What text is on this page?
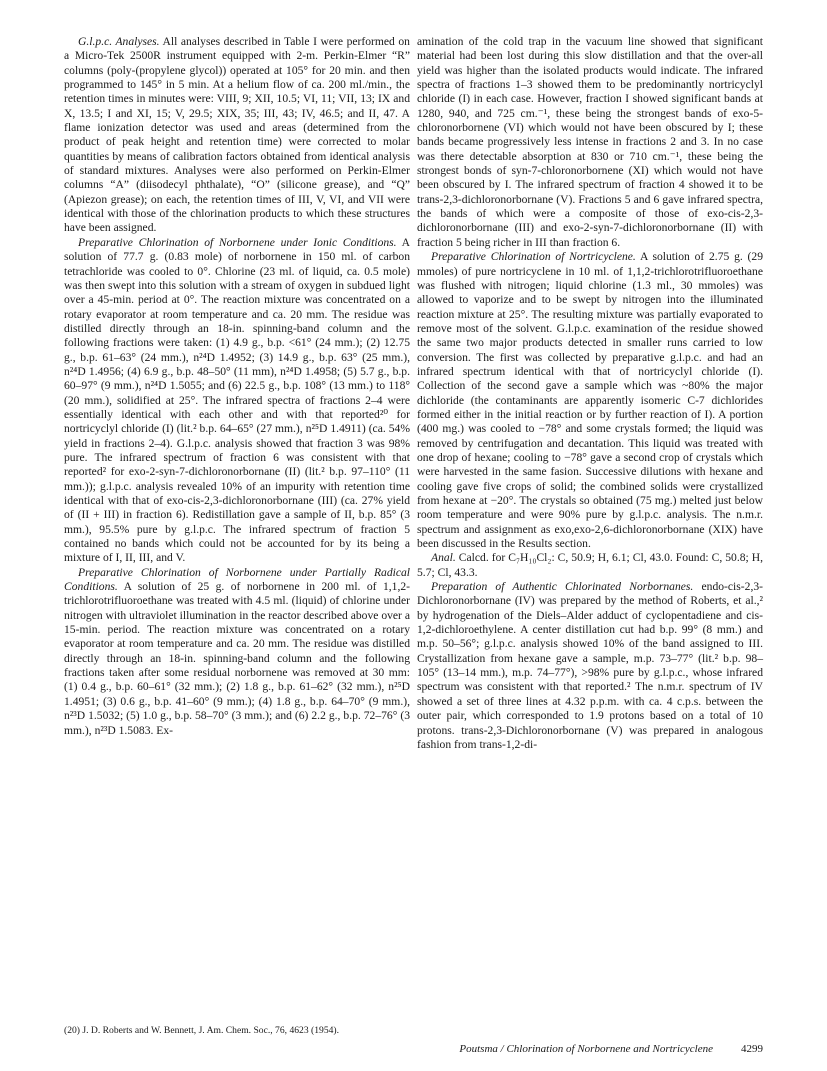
G.l.p.c. Analyses. All analyses described in Table I were performed on a Micro-Tek 2500R instrument equipped with 2-m. Perkin-Elmer “R” columns (poly-(propylene glycol)) operated at 105° for 20 min. and then programmed to 145° in 5 min. At a helium flow of ca. 200 ml./min., the retention times in minutes were: VIII, 9; XII, 10.5; VI, 11; VII, 13; IX and X, 13.5; I and XI, 15; V, 29.5; XIX, 35; III, 43; IV, 46.5; and II, 47. A flame ionization detector was used and areas (determined from the product of peak height and retention time) were corrected to molar quantities by means of calibration factors obtained from identical analysis of standard mixtures. Analyses were also performed on Perkin-Elmer columns “A” (diisodecyl phthalate), “O” (silicone grease), and “Q” (Apiezon grease); on each, the retention times of III, V, VI, and VII were identical with those of the chlorination products to which these structures have been assigned.

Preparative Chlorination of Norbornene under Ionic Conditions. A solution of 77.7 g. (0.83 mole) of norbornene in 150 ml. of carbon tetrachloride was cooled to 0°. Chlorine (23 ml. of liquid, ca. 0.5 mole) was then swept into this solution with a stream of oxygen in subdued light over a 45-min. period at 0°. The reaction mixture was concentrated on a rotary evaporator at room temperature and ca. 20 mm. The residue was distilled directly through an 18-in. spinning-band column and the following fractions were taken: (1) 4.9 g., b.p. <61° (24 mm.); (2) 12.75 g., b.p. 61–63° (24 mm.), n²⁴D 1.4952; (3) 14.9 g., b.p. 63° (25 mm.), n²⁴D 1.4956; (4) 6.9 g., b.p. 48–50° (11 mm), n²⁴D 1.4958; (5) 5.7 g., b.p. 60–97° (9 mm.), n²⁴D 1.5055; and (6) 22.5 g., b.p. 108° (13 mm.) to 118° (20 mm.), solidified at 25°. The infrared spectra of fractions 2–4 were essentially identical with each other and with that reported²⁰ for nortricyclyl chloride (I) (lit.² b.p. 64–65° (27 mm.), n²⁵D 1.4911) (ca. 54% yield in fractions 2–4). G.l.p.c. analysis showed that fraction 3 was 98% pure. The infrared spectrum of fraction 6 was consistent with that reported² for exo-2-syn-7-dichloronorbornane (II) (lit.² b.p. 97–110° (11 mm.)); g.l.p.c. analysis revealed 10% of an impurity with retention time identical with that of exo-cis-2,3-dichloronorbornane (III) (ca. 27% yield of (II + III) in fraction 6). Redistillation gave a sample of II, b.p. 85° (3 mm.), 95.5% pure by g.l.p.c. The infrared spectrum of fraction 5 contained no bands which could not be accounted for by its being a mixture of I, II, III, and V.

Preparative Chlorination of Norbornene under Partially Radical Conditions. A solution of 25 g. of norbornene in 200 ml. of 1,1,2-trichlorotrifluoroethane was treated with 4.5 ml. (liquid) of chlorine under nitrogen with ultraviolet illumination in the reactor described above over a 15-min. period. The reaction mixture was concentrated on a rotary evaporator at room temperature and ca. 20 mm. The residue was distilled directly through an 18-in. spinning-band column and the following fractions taken after some residual norbornene was removed at 30 mm: (1) 0.4 g., b.p. 60–61° (32 mm.); (2) 1.8 g., b.p. 61–62° (32 mm.), n²⁵D 1.4951; (3) 0.6 g., b.p. 41–60° (9 mm.); (4) 1.8 g., b.p. 64–70° (9 mm.), n²³D 1.5032; (5) 1.0 g., b.p. 58–70° (3 mm.); and (6) 2.2 g., b.p. 72–76° (3 mm.), n²³D 1.5083. Ex-

(20) J. D. Roberts and W. Bennett, J. Am. Chem. Soc., 76, 4623 (1954).

amination of the cold trap in the vacuum line showed that significant material had been lost during this slow distillation and that the over-all yield was higher than the isolated products would indicate. The infrared spectra of fractions 1–3 showed them to be predominantly nortricyclyl chloride (I) in each case. However, fraction I showed significant bands at 1280, 940, and 725 cm.⁻¹, these being the strongest bands of exo-5-chloronorbornene (VI) which would not have been obscured by I; these bands became progressively less intense in fractions 2 and 3. In no case was there detectable absorption at 830 or 710 cm.⁻¹, these being the strongest bonds of syn-7-chloronorbornene (XI) which would not have been obscured by I. The infrared spectrum of fraction 4 showed it to be trans-2,3-dichloronorbornane (V). Fractions 5 and 6 gave infrared spectra, the bands of which were a composite of those of exo-cis-2,3-dichloronorbornane (III) and exo-2-syn-7-dichloronorbornane (II) with fraction 5 being richer in III than fraction 6.

Preparative Chlorination of Nortricyclene. A solution of 2.75 g. (29 mmoles) of pure nortricyclene in 10 ml. of 1,1,2-trichlorotrifluoroethane was flushed with nitrogen; liquid chlorine (1.3 ml., 30 mmoles) was allowed to vaporize and to be swept by nitrogen into the illuminated reaction mixture at 25°. The resulting mixture was partially evaporated to remove most of the solvent. G.l.p.c. examination of the residue showed the same two major products detected in smaller runs carried to low conversion. The first was collected by preparative g.l.p.c. and had an infrared spectrum identical with that of nortricyclyl chloride (I). Collection of the second gave a sample which was ~80% the major dichloride (the contaminants are apparently isomeric C-7 dichlorides formed either in the initial reaction or by further reaction of I). A portion (400 mg.) was cooled to −78° and some crystals formed; the liquid was removed by centrifugation and decantation. This liquid was treated with one drop of hexane; cooling to −78° gave a second crop of crystals which were harvested in the same fasion. Successive dilutions with hexane and cooling gave five crops of solid; the combined solids were crystallized from hexane at −20°. The crystals so obtained (75 mg.) melted just below room temperature and were 90% pure by g.l.p.c. analysis. The n.m.r. spectrum and assignment as exo,exo-2,6-dichloronorbornane (XIX) have been discussed in the Results section.

Anal. Calcd. for C₇H₁₀Cl₂: C, 50.9; H, 6.1; Cl, 43.0. Found: C, 50.8; H, 5.7; Cl, 43.3.

Preparation of Authentic Chlorinated Norbornanes. endo-cis-2,3-Dichloronorbornane (IV) was prepared by the method of Roberts, et al.,² by hydrogenation of the Diels–Alder adduct of cyclopentadiene and cis-1,2-dichloroethylene. A center distillation cut had b.p. 99° (8 mm.) and m.p. 50–56°; g.l.p.c. analysis showed 10% of the band assigned to III. Crystallization from hexane gave a sample, m.p. 73–77° (lit.² b.p. 98–105° (13–14 mm.), m.p. 74–77°), >98% pure by g.l.p.c., whose infrared spectrum was consistent with that reported.² The n.m.r. spectrum of IV showed a set of three lines at 4.32 p.p.m. with ca. 4 c.p.s. between the outer pair, which corresponded to 1.9 protons based on a total of 10 protons. trans-2,3-Dichloronorbornane (V) was prepared in analogous fashion from trans-1,2-di-

Poutsma / Chlorination of Norbornene and Nortricyclene	4299
